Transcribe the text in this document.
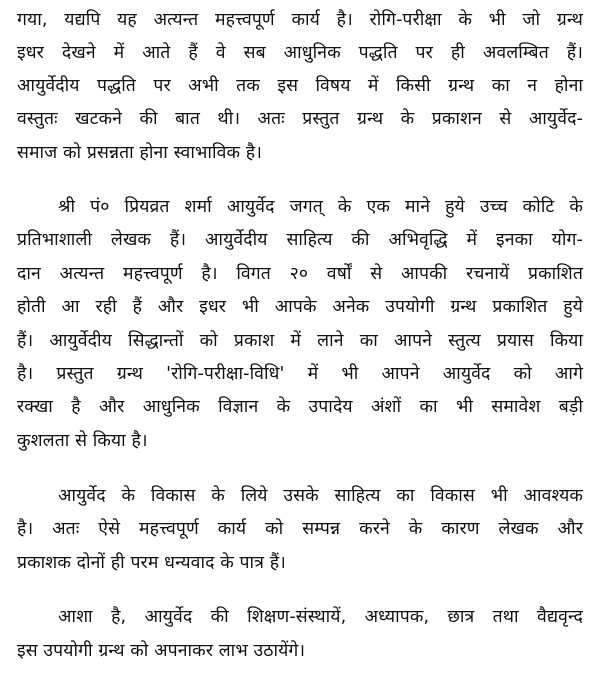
गया, यद्यपि यह अत्यन्त महत्त्वपूर्ण कार्य है। रोगि-परीक्षा के भी जो ग्रन्थ
इधर देखने में आते हैं वे सब आधुनिक पद्धति पर ही अवलम्बित हैं।
आयुर्वेदीय पद्धति पर अभी तक इस विषय में किसी ग्रन्थ का न होना
वस्तुतः खटकने की बात थी। अतः प्रस्तुत ग्रन्थ के प्रकाशन से आयुर्वेद-
समाज को प्रसन्नता होना स्वाभाविक है।
श्री पं० प्रियव्रत शर्मा आयुर्वेद जगत् के एक माने हुये उच्च कोटि के
प्रतिभाशाली लेखक हैं। आयुर्वेदीय साहित्य की अभिवृद्धि में इनका योग-
दान अत्यन्त महत्त्वपूर्ण है। विगत २० वर्षों से आपकी रचनायें प्रकाशित
होती आ रही हैं और इधर भी आपके अनेक उपयोगी ग्रन्थ प्रकाशित हुये
हैं। आयुर्वेदीय सिद्धान्तों को प्रकाश में लाने का आपने स्तुत्य प्रयास किया
है। प्रस्तुत ग्रन्थ 'रोगि-परीक्षा-विधि' में भी आपने आयुर्वेद को आगे
रक्खा है और आधुनिक विज्ञान के उपादेय अंशों का भी समावेश बड़ी
कुशलता से किया है।
आयुर्वेद के विकास के लिये उसके साहित्य का विकास भी आवश्यक
है। अतः ऐसे महत्त्वपूर्ण कार्य को सम्पन्न करने के कारण लेखक और
प्रकाशक दोनों ही परम धन्यवाद के पात्र हैं।
आशा है, आयुर्वेद की शिक्षण-संस्थायें, अध्यापक, छात्र तथा वैद्यवृन्द
इस उपयोगी ग्रन्थ को अपनाकर लाभ उठायेंगे।
